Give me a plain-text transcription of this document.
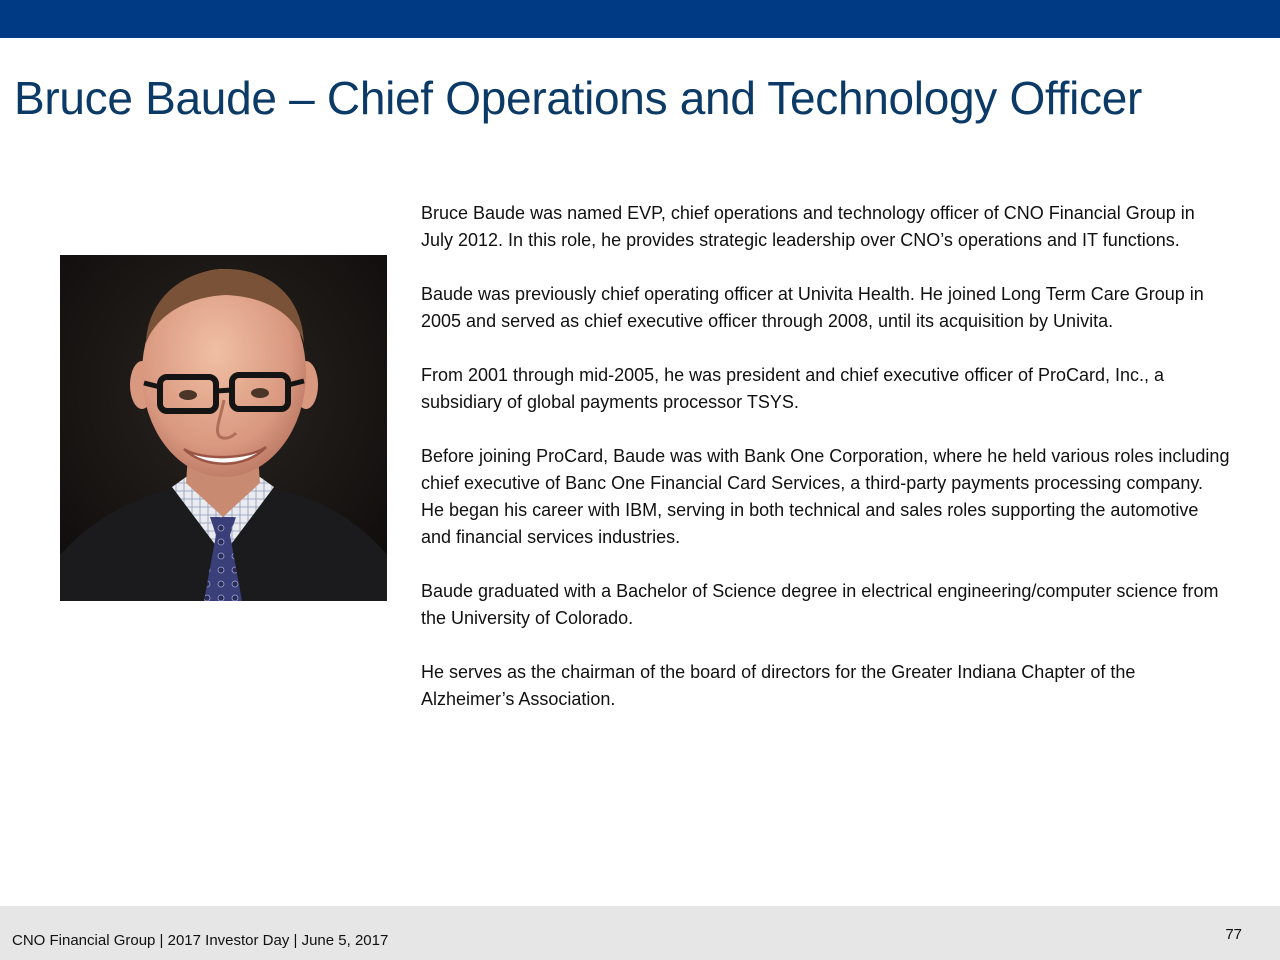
Bruce Baude – Chief Operations and Technology Officer

Bruce Baude was named EVP, chief operations and technology officer of CNO Financial Group in July 2012. In this role, he provides strategic leadership over CNO’s operations and IT functions.

Baude was previously chief operating officer at Univita Health. He joined Long Term Care Group in 2005 and served as chief executive officer through 2008, until its acquisition by Univita.

From 2001 through mid-2005, he was president and chief executive officer of ProCard, Inc., a subsidiary of global payments processor TSYS.

Before joining ProCard, Baude was with Bank One Corporation, where he held various roles including chief executive of Banc One Financial Card Services, a third-party payments processing company. He began his career with IBM, serving in both technical and sales roles supporting the automotive and financial services industries.

Baude graduated with a Bachelor of Science degree in electrical engineering/computer science from the University of Colorado.

He serves as the chairman of the board of directors for the Greater Indiana Chapter of the Alzheimer’s Association.

CNO Financial Group | 2017 Investor Day | June 5, 2017	77
